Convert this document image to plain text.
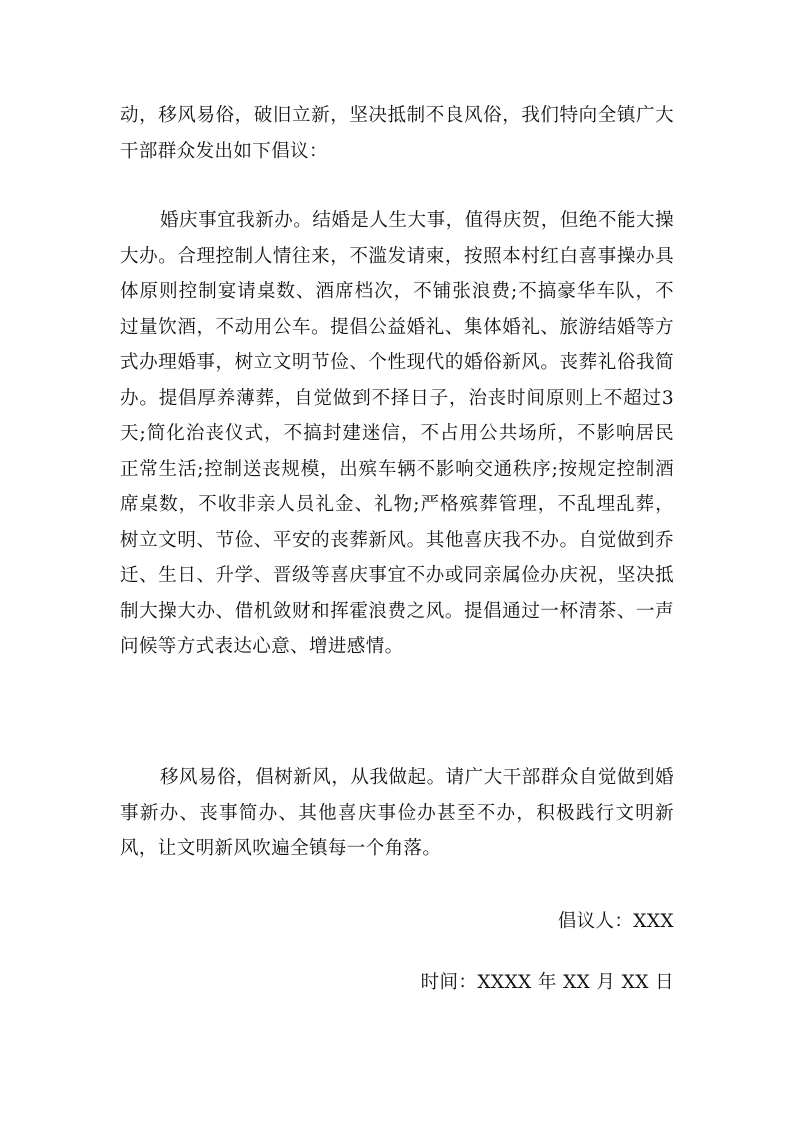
动，移风易俗，破旧立新，坚决抵制不良风俗，我们特向全镇广大干部群众发出如下倡议：

婚庆事宜我新办。结婚是人生大事，值得庆贺，但绝不能大操大办。合理控制人情往来，不滥发请柬，按照本村红白喜事操办具体原则控制宴请桌数、酒席档次，不铺张浪费;不搞豪华车队，不过量饮酒，不动用公车。提倡公益婚礼、集体婚礼、旅游结婚等方式办理婚事，树立文明节俭、个性现代的婚俗新风。丧葬礼俗我简办。提倡厚养薄葬，自觉做到不择日子，治丧时间原则上不超过3天;简化治丧仪式，不搞封建迷信，不占用公共场所，不影响居民正常生活;控制送丧规模，出殡车辆不影响交通秩序;按规定控制酒席桌数，不收非亲人员礼金、礼物;严格殡葬管理，不乱埋乱葬，树立文明、节俭、平安的丧葬新风。其他喜庆我不办。自觉做到乔迁、生日、升学、晋级等喜庆事宜不办或同亲属俭办庆祝，坚决抵制大操大办、借机敛财和挥霍浪费之风。提倡通过一杯清茶、一声问候等方式表达心意、增进感情。

移风易俗，倡树新风，从我做起。请广大干部群众自觉做到婚事新办、丧事简办、其他喜庆事俭办甚至不办，积极践行文明新风，让文明新风吹遍全镇每一个角落。

倡议人：XXX
时间：XXXX 年 XX 月 XX 日
